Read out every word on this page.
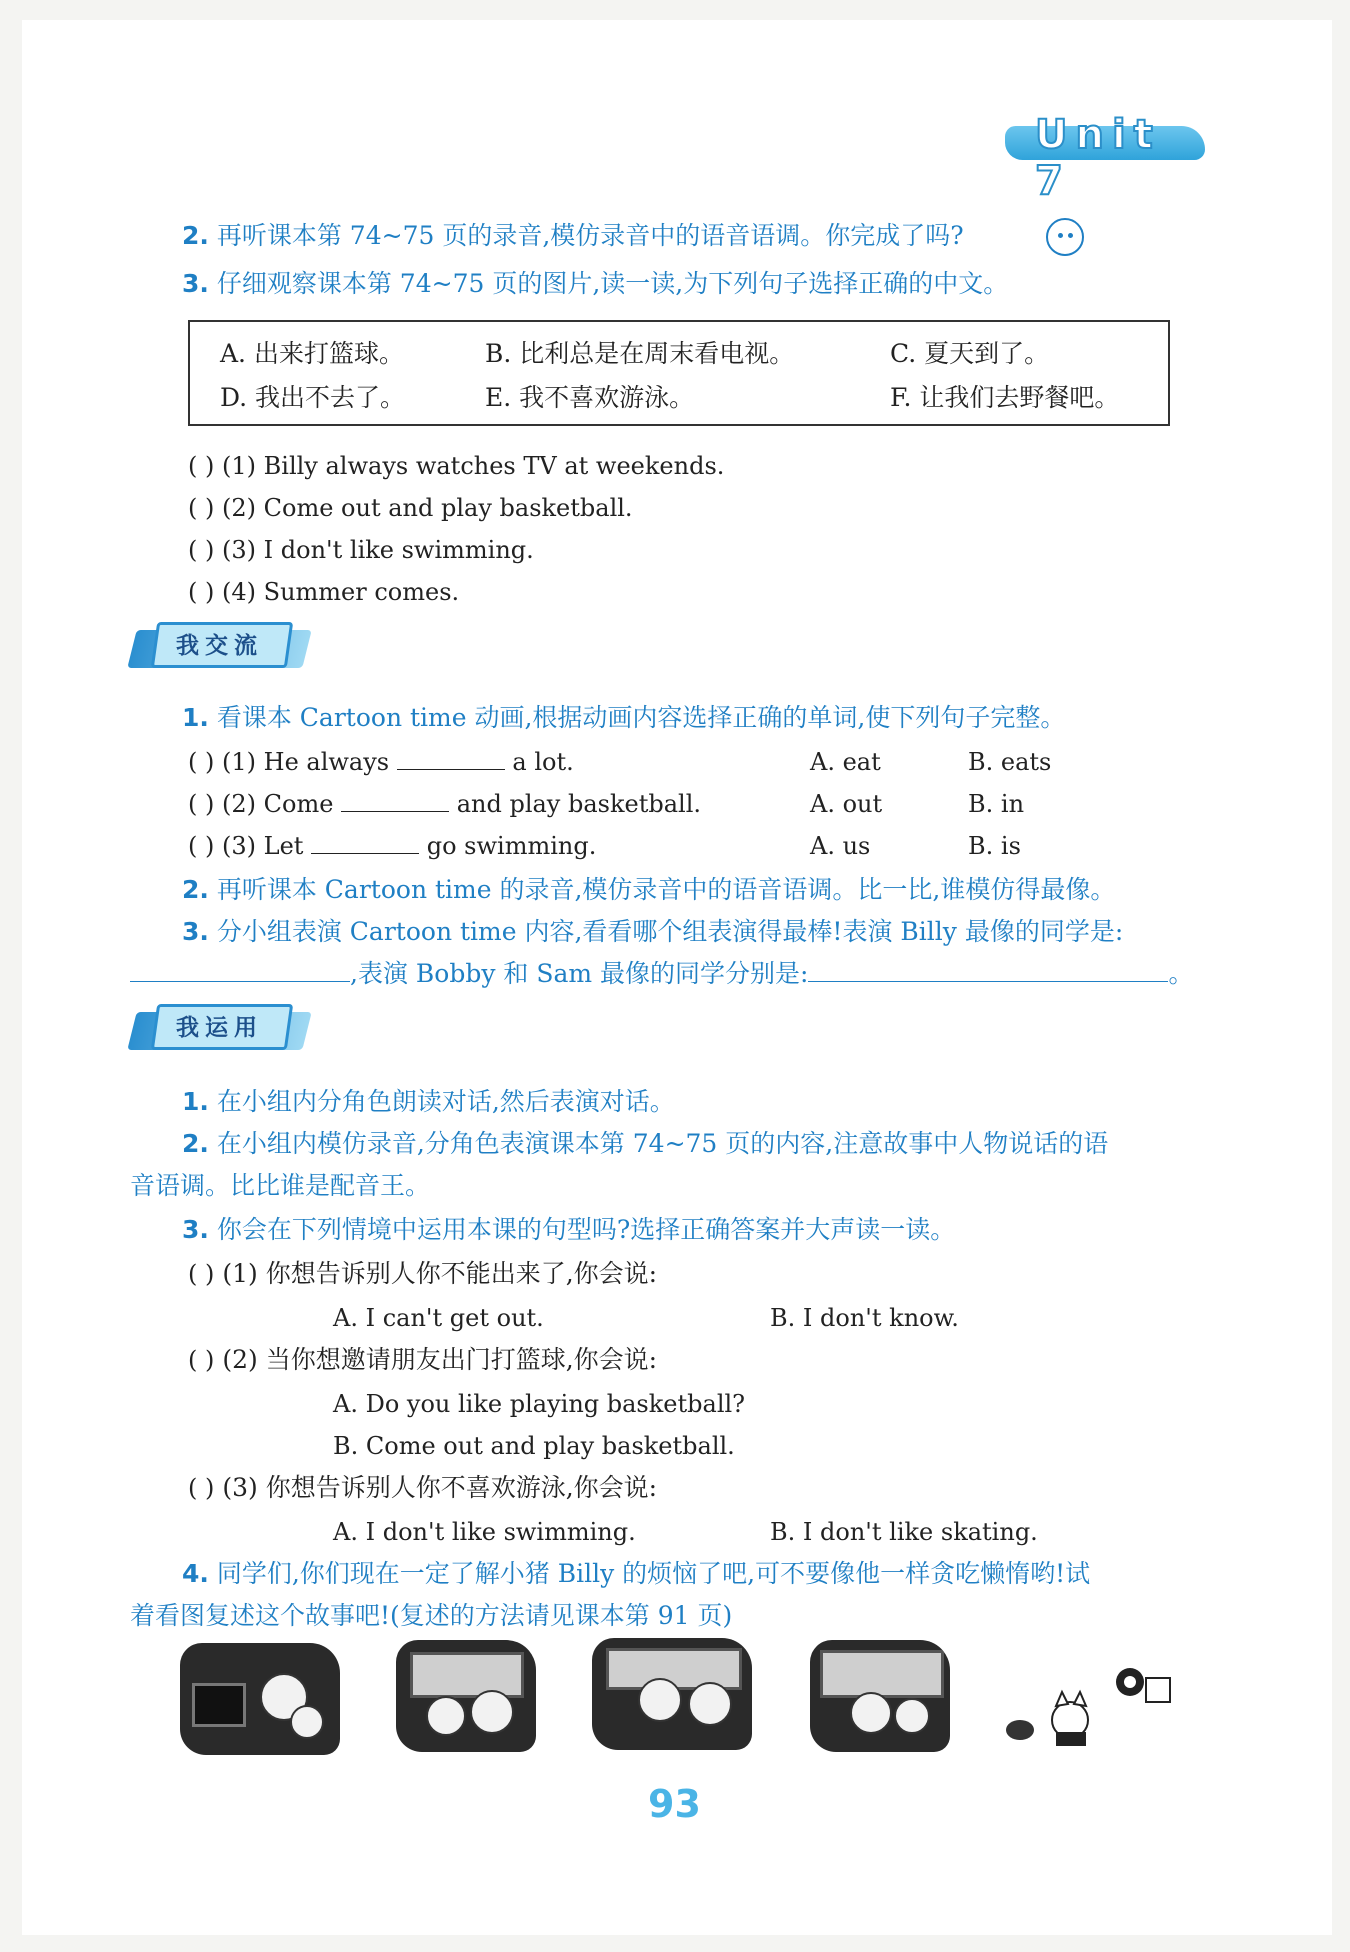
Unit 7
2. 再听课本第 74~75 页的录音,模仿录音中的语音语调。你完成了吗?
3. 仔细观察课本第 74~75 页的图片,读一读,为下列句子选择正确的中文。
A. 出来打篮球。	B. 比利总是在周末看电视。	C. 夏天到了。
D. 我出不去了。	E. 我不喜欢游泳。	F. 让我们去野餐吧。
( ) (1) Billy always watches TV at weekends.
( ) (2) Come out and play basketball.
( ) (3) I don't like swimming.
( ) (4) Summer comes.
我交流
1. 看课本 Cartoon time 动画,根据动画内容选择正确的单词,使下列句子完整。
( ) (1) He always	a lot.	A. eat	B. eats
( ) (2) Come	and play basketball.	A. out	B. in
( ) (3) Let	go swimming.	A. us	B. is
2. 再听课本 Cartoon time 的录音,模仿录音中的语音语调。比一比,谁模仿得最像。
3. 分小组表演 Cartoon time 内容,看看哪个组表演得最棒!表演 Billy 最像的同学是:
,表演 Bobby 和 Sam 最像的同学分别是:	。
我运用
1. 在小组内分角色朗读对话,然后表演对话。
2. 在小组内模仿录音,分角色表演课本第 74~75 页的内容,注意故事中人物说话的语
音语调。比比谁是配音王。
3. 你会在下列情境中运用本课的句型吗?选择正确答案并大声读一读。
( ) (1) 你想告诉别人你不能出来了,你会说:
A. I can't get out.	B. I don't know.
( ) (2) 当你想邀请朋友出门打篮球,你会说:
A. Do you like playing basketball?
B. Come out and play basketball.
( ) (3) 你想告诉别人你不喜欢游泳,你会说:
A. I don't like swimming.	B. I don't like skating.
4. 同学们,你们现在一定了解小猪 Billy 的烦恼了吧,可不要像他一样贪吃懒惰哟!试
着看图复述这个故事吧!(复述的方法请见课本第 91 页)
93
